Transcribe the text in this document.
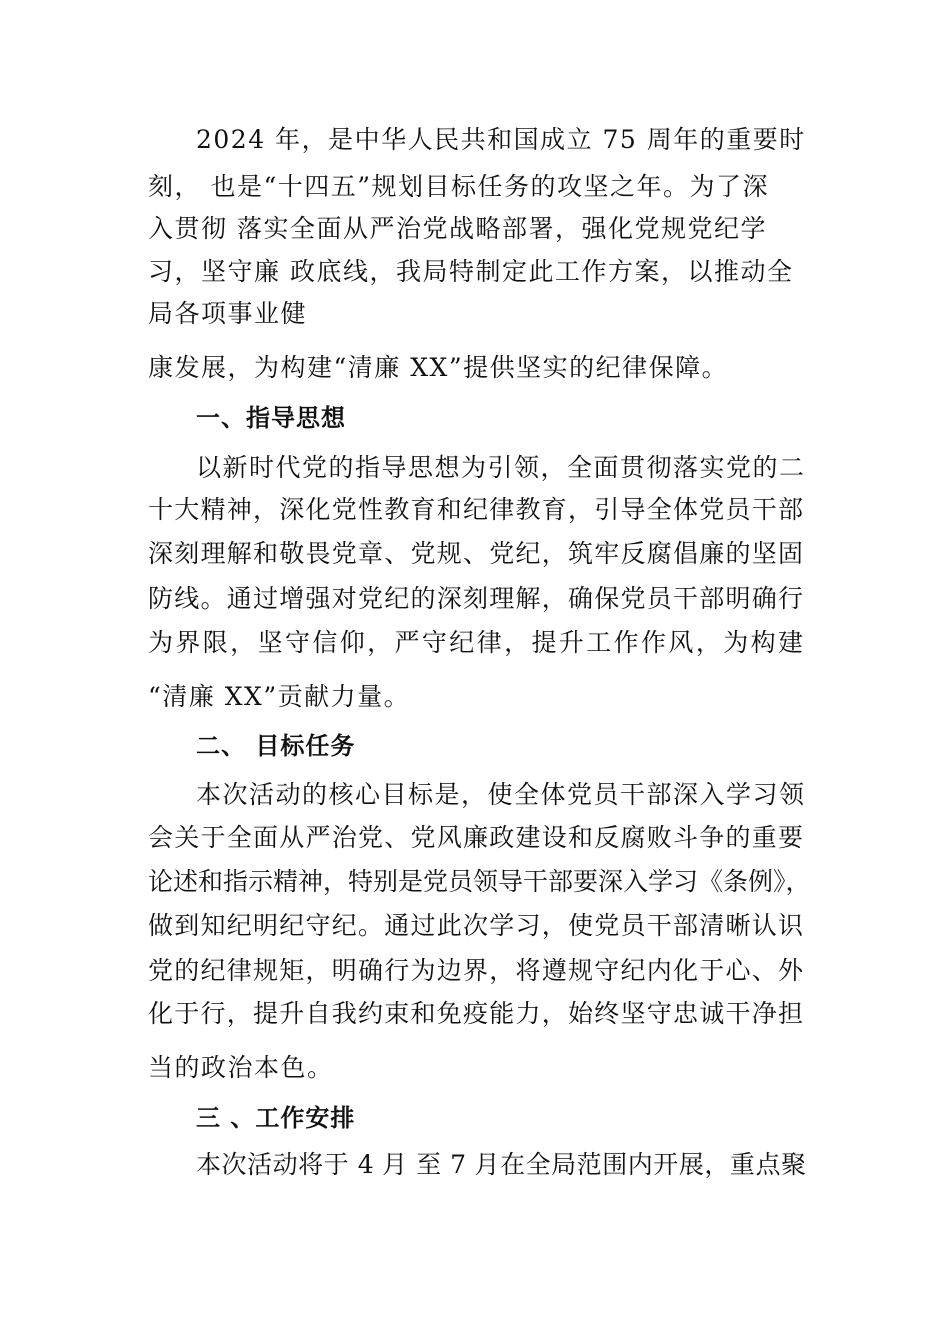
2024 年，是中华人民共和国成立 75 周年的重要时
刻， 也是“十四五”规划目标任务的攻坚之年。为了深
入贯彻 落实全面从严治党战略部署，强化党规党纪学
习，坚守廉 政底线，我局特制定此工作方案，以推动全
局各项事业健
康发展，为构建“清廉 XX”提供坚实的纪律保障。
一、指导思想
以新时代党的指导思想为引领，全面贯彻落实党的二
十大精神，深化党性教育和纪律教育，引导全体党员干部
深刻理解和敬畏党章、党规、党纪，筑牢反腐倡廉的坚固
防线。通过增强对党纪的深刻理解，确保党员干部明确行
为界限，坚守信仰，严守纪律，提升工作作风，为构建
“清廉 XX”贡献力量。
二、 目标任务
本次活动的核心目标是，使全体党员干部深入学习领
会关于全面从严治党、党风廉政建设和反腐败斗争的重要
论述和指示精神，特别是党员领导干部要深入学习《条例》，
做到知纪明纪守纪。通过此次学习，使党员干部清晰认识
党的纪律规矩，明确行为边界，将遵规守纪内化于心、外
化于行，提升自我约束和免疫能力，始终坚守忠诚干净担
当的政治本色。
三 、工作安排
本次活动将于 4 月 至 7 月在全局范围内开展，重点聚
